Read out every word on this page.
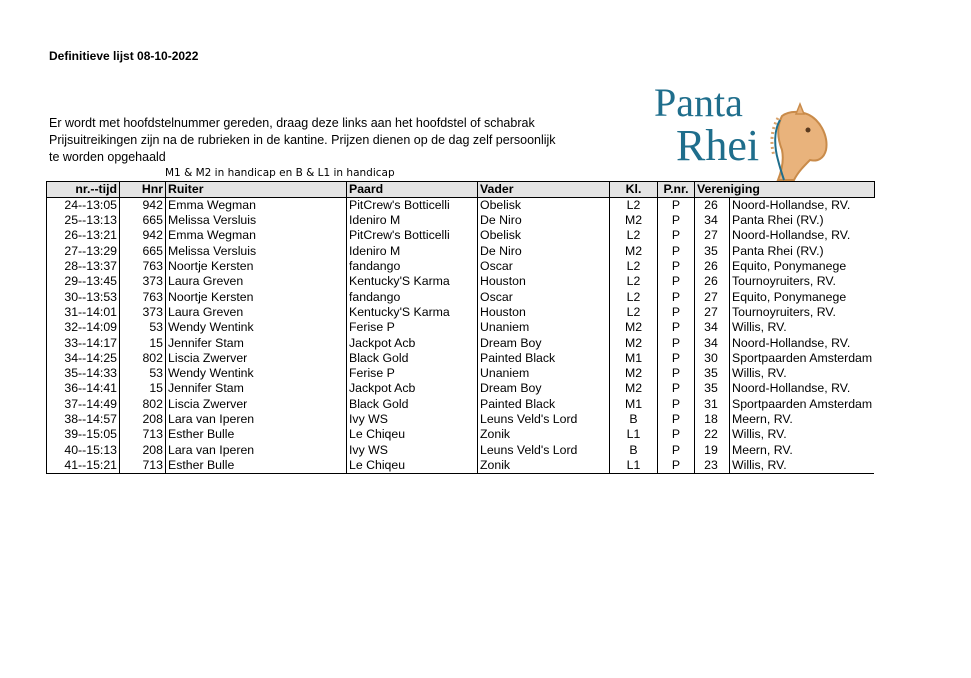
Definitieve lijst 08-10-2022
Er wordt met hoofdstelnummer gereden, draag deze links aan het hoofdstel of schabrak
Prijsuitreikingen zijn na de rubrieken in de kantine. Prijzen dienen op de dag zelf persoonlijk
te worden opgehaald
M1 & M2 in handicap en B & L1 in handicap
Panta
Rhei
nr.--tijd	Hnr	Ruiter	Paard	Vader	Kl.	P.nr.	Vereniging	
24--13:05	942	Emma Wegman	PitCrew's Botticelli	Obelisk	L2	P	26	Noord-Hollandse, RV.
25--13:13	665	Melissa Versluis	Ideniro M	De Niro	M2	P	34	Panta Rhei (RV.)
26--13:21	942	Emma Wegman	PitCrew's Botticelli	Obelisk	L2	P	27	Noord-Hollandse, RV.
27--13:29	665	Melissa Versluis	Ideniro M	De Niro	M2	P	35	Panta Rhei (RV.)
28--13:37	763	Noortje Kersten	fandango	Oscar	L2	P	26	Equito, Ponymanege
29--13:45	373	Laura Greven	Kentucky'S Karma	Houston	L2	P	26	Tournoyruiters, RV.
30--13:53	763	Noortje Kersten	fandango	Oscar	L2	P	27	Equito, Ponymanege
31--14:01	373	Laura Greven	Kentucky'S Karma	Houston	L2	P	27	Tournoyruiters, RV.
32--14:09	53	Wendy Wentink	Ferise P	Unaniem	M2	P	34	Willis, RV.
33--14:17	15	Jennifer Stam	Jackpot Acb	Dream Boy	M2	P	34	Noord-Hollandse, RV.
34--14:25	802	Liscia Zwerver	Black Gold	Painted Black	M1	P	30	Sportpaarden Amsterdam
35--14:33	53	Wendy Wentink	Ferise P	Unaniem	M2	P	35	Willis, RV.
36--14:41	15	Jennifer Stam	Jackpot Acb	Dream Boy	M2	P	35	Noord-Hollandse, RV.
37--14:49	802	Liscia Zwerver	Black Gold	Painted Black	M1	P	31	Sportpaarden Amsterdam
38--14:57	208	Lara van Iperen	Ivy WS	Leuns Veld's Lord	B	P	18	Meern, RV.
39--15:05	713	Esther Bulle	Le Chiqeu	Zonik	L1	P	22	Willis, RV.
40--15:13	208	Lara van Iperen	Ivy WS	Leuns Veld's Lord	B	P	19	Meern, RV.
41--15:21	713	Esther Bulle	Le Chiqeu	Zonik	L1	P	23	Willis, RV.
